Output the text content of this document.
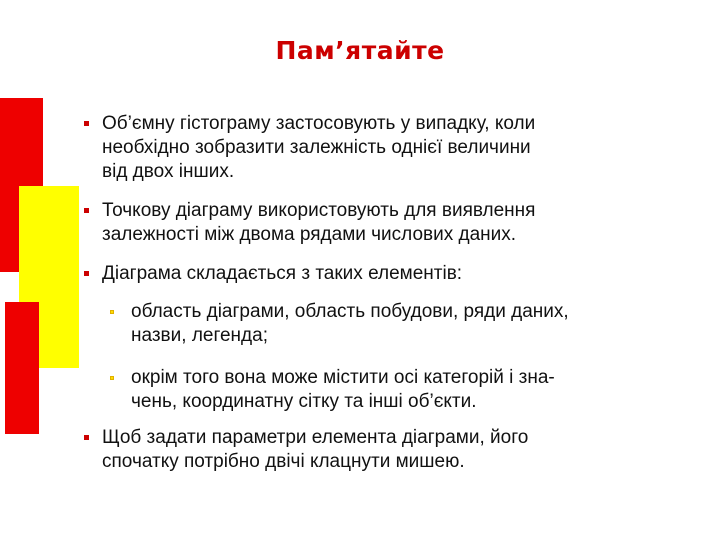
Пам’ятайте
Об’ємну гістограму застосовують у випадку, коли
необхідно зобразити залежність однієї величини
від двох інших.
Точкову діаграму використовують для виявлення
залежності між двома рядами числових даних.
Діаграма складається з таких елементів:
область діаграми, область побудови, ряди даних,
назви, легенда;
окрім того вона може містити осі категорій і зна-
чень, координатну сітку та інші об’єкти.
Щоб задати параметри елемента діаграми, його
спочатку потрібно двічі клацнути мишею.
